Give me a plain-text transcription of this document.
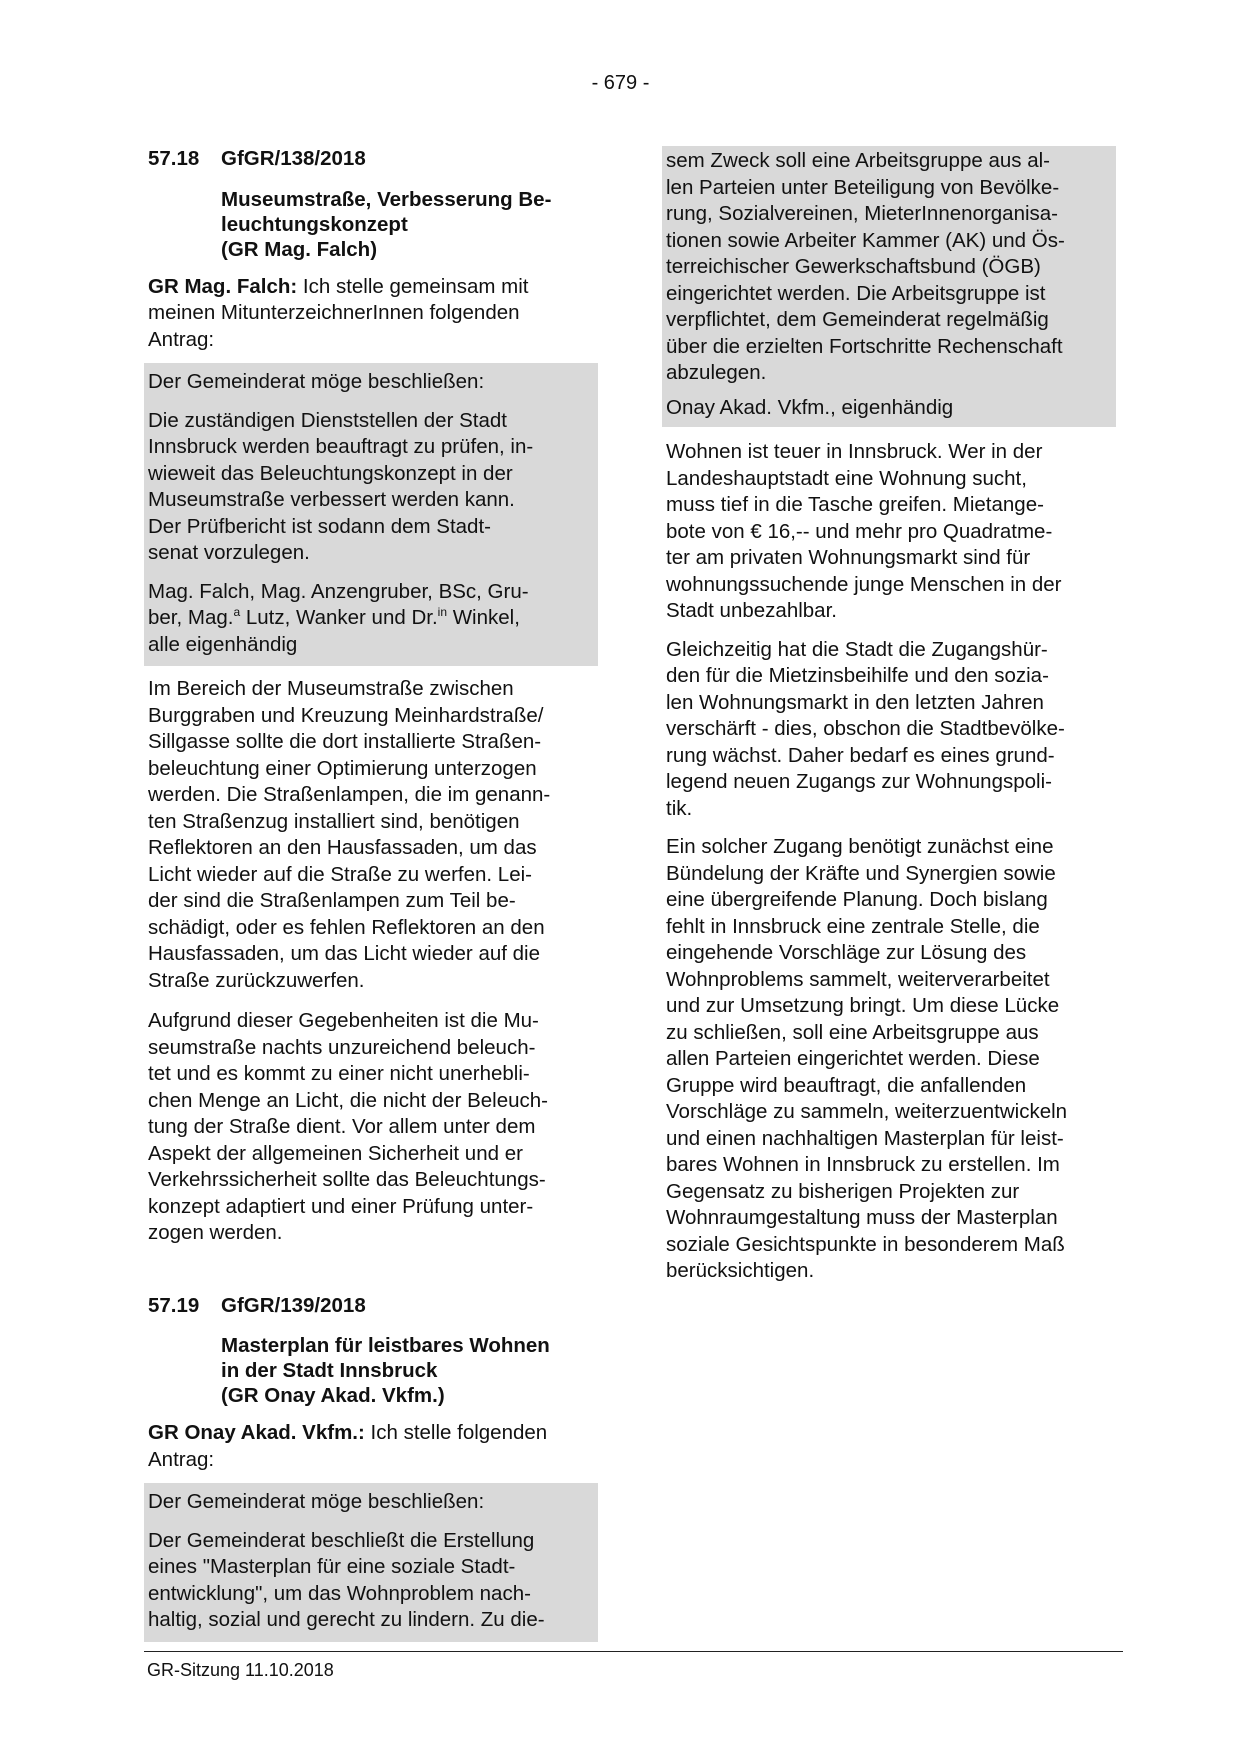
- 679 -
57.18	GfGR/138/2018
Museumstraße, Verbesserung Be-
leuchtungskonzept
(GR Mag. Falch)

GR Mag. Falch: Ich stelle gemeinsam mit
meinen MitunterzeichnerInnen folgenden
Antrag:

Der Gemeinderat möge beschließen:

Die zuständigen Dienststellen der Stadt
Innsbruck werden beauftragt zu prüfen, in-
wieweit das Beleuchtungskonzept in der
Museumstraße verbessert werden kann.
Der Prüfbericht ist sodann dem Stadt-
senat vorzulegen.

Mag. Falch, Mag. Anzengruber, BSc, Gru-
ber, Mag.$^a$ Lutz, Wanker und Dr.$^{in}$ Winkel,
alle eigenhändig

Im Bereich der Museumstraße zwischen
Burggraben und Kreuzung Meinhardstraße/
Sillgasse sollte die dort installierte Straßen-
beleuchtung einer Optimierung unterzogen
werden. Die Straßenlampen, die im genann-
ten Straßenzug installiert sind, benötigen
Reflektoren an den Hausfassaden, um das
Licht wieder auf die Straße zu werfen. Lei-
der sind die Straßenlampen zum Teil be-
schädigt, oder es fehlen Reflektoren an den
Hausfassaden, um das Licht wieder auf die
Straße zurückzuwerfen.

Aufgrund dieser Gegebenheiten ist die Mu-
seumstraße nachts unzureichend beleuch-
tet und es kommt zu einer nicht unerhebli-
chen Menge an Licht, die nicht der Beleuch-
tung der Straße dient. Vor allem unter dem
Aspekt der allgemeinen Sicherheit und er
Verkehrssicherheit sollte das Beleuchtungs-
konzept adaptiert und einer Prüfung unter-
zogen werden.

57.19	GfGR/139/2018
Masterplan für leistbares Wohnen
in der Stadt Innsbruck
(GR Onay Akad. Vkfm.)

GR Onay Akad. Vkfm.: Ich stelle folgenden
Antrag:

Der Gemeinderat möge beschließen:

Der Gemeinderat beschließt die Erstellung
eines "Masterplan für eine soziale Stadt-
entwicklung", um das Wohnproblem nach-
haltig, sozial und gerecht zu lindern. Zu die-

sem Zweck soll eine Arbeitsgruppe aus al-
len Parteien unter Beteiligung von Bevölke-
rung, Sozialvereinen, MieterInnenorganisa-
tionen sowie Arbeiter Kammer (AK) und Ös-
terreichischer Gewerkschaftsbund (ÖGB)
eingerichtet werden. Die Arbeitsgruppe ist
verpflichtet, dem Gemeinderat regelmäßig
über die erzielten Fortschritte Rechenschaft
abzulegen.

Onay Akad. Vkfm., eigenhändig

Wohnen ist teuer in Innsbruck. Wer in der
Landeshauptstadt eine Wohnung sucht,
muss tief in die Tasche greifen. Mietange-
bote von € 16,-- und mehr pro Quadratme-
ter am privaten Wohnungsmarkt sind für
wohnungssuchende junge Menschen in der
Stadt unbezahlbar.

Gleichzeitig hat die Stadt die Zugangshür-
den für die Mietzinsbeihilfe und den sozia-
len Wohnungsmarkt in den letzten Jahren
verschärft - dies, obschon die Stadtbevölke-
rung wächst. Daher bedarf es eines grund-
legend neuen Zugangs zur Wohnungspoli-
tik.

Ein solcher Zugang benötigt zunächst eine
Bündelung der Kräfte und Synergien sowie
eine übergreifende Planung. Doch bislang
fehlt in Innsbruck eine zentrale Stelle, die
eingehende Vorschläge zur Lösung des
Wohnproblems sammelt, weiterverarbeitet
und zur Umsetzung bringt. Um diese Lücke
zu schließen, soll eine Arbeitsgruppe aus
allen Parteien eingerichtet werden. Diese
Gruppe wird beauftragt, die anfallenden
Vorschläge zu sammeln, weiterzuentwickeln
und einen nachhaltigen Masterplan für leist-
bares Wohnen in Innsbruck zu erstellen. Im
Gegensatz zu bisherigen Projekten zur
Wohnraumgestaltung muss der Masterplan
soziale Gesichtspunkte in besonderem Maß
berücksichtigen.

GR-Sitzung 11.10.2018
